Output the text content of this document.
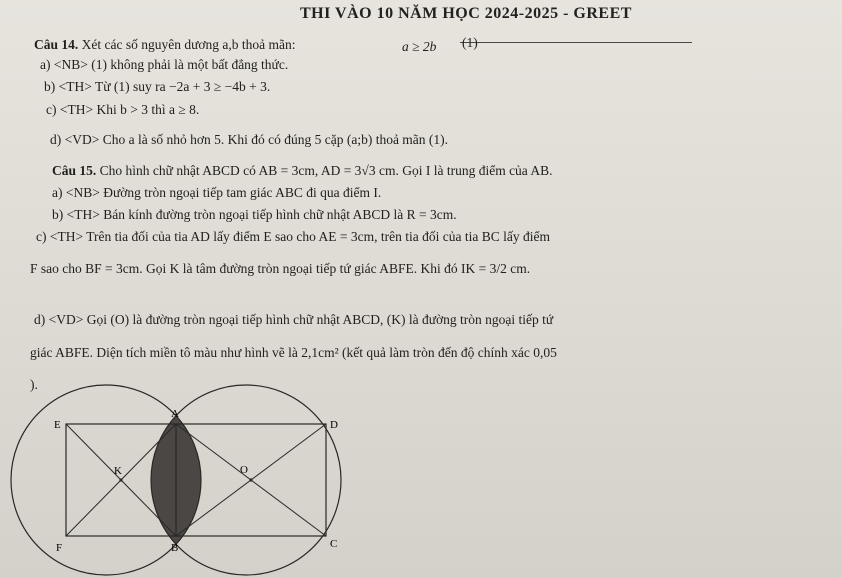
THI VÀO 10 NĂM HỌC 2024-2025 - GREET
Câu 14. Xét các số nguyên dương a,b thoả mãn:	a ≥ 2b (1)
a) <NB> (1) không phải là một bất đẳng thức.
b) <TH> Từ (1) suy ra −2a + 3 ≥ −4b + 3.
c) <TH> Khi b > 3 thì a ≥ 8.
d) <VD> Cho a là số nhỏ hơn 5. Khi đó có đúng 5 cặp (a;b) thoả mãn (1).
Câu 15. Cho hình chữ nhật ABCD có AB = 3cm, AD = 3√3 cm. Gọi I là trung điểm của AB.
a) <NB> Đường tròn ngoại tiếp tam giác ABC đi qua điểm I.
b) <TH> Bán kính đường tròn ngoại tiếp hình chữ nhật ABCD là R = 3cm.
c) <TH> Trên tia đối của tia AD lấy điểm E sao cho AE = 3cm, trên tia đối của tia BC lấy điểm
F sao cho BF = 3cm. Gọi K là tâm đường tròn ngoại tiếp tứ giác ABFE. Khi đó IK = 3/2 cm.
d) <VD> Gọi (O) là đường tròn ngoại tiếp hình chữ nhật ABCD, (K) là đường tròn ngoại tiếp tứ
giác ABFE. Diện tích miền tô màu như hình vẽ là 2,1cm² (kết quả làm tròn đến độ chính xác 0,05
).
E
A
D
K	O
F	B	C
